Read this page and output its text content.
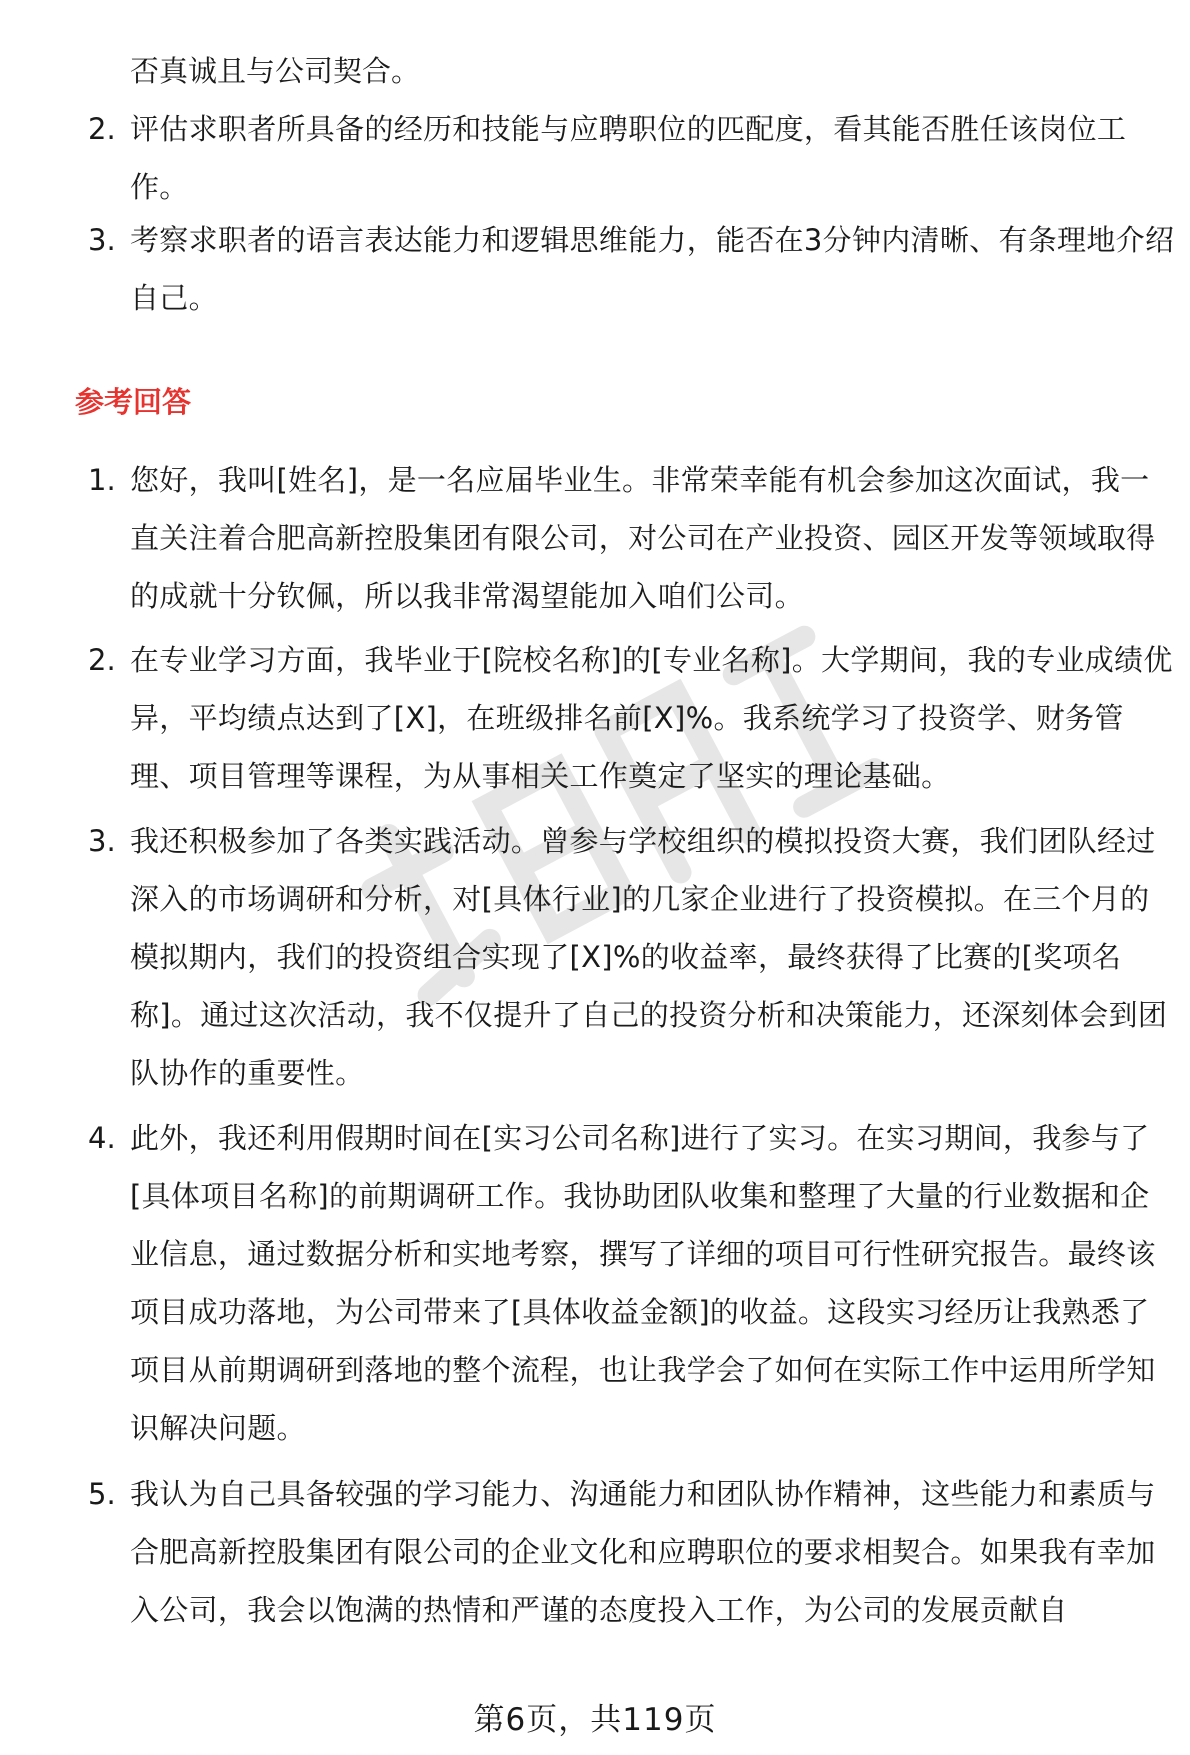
否真诚且与公司契合。
2. 评估求职者所具备的经历和技能与应聘职位的匹配度，看其能否胜任该岗位工作。
3. 考察求职者的语言表达能力和逻辑思维能力，能否在3分钟内清晰、有条理地介绍自己。
参考回答
1. 您好，我叫[姓名]，是一名应届毕业生。非常荣幸能有机会参加这次面试，我一直关注着合肥高新控股集团有限公司，对公司在产业投资、园区开发等领域取得的成就十分钦佩，所以我非常渴望能加入咱们公司。
2. 在专业学习方面，我毕业于[院校名称]的[专业名称]。大学期间，我的专业成绩优异，平均绩点达到了[X]，在班级排名前[X]%。我系统学习了投资学、财务管理、项目管理等课程，为从事相关工作奠定了坚实的理论基础。
3. 我还积极参加了各类实践活动。曾参与学校组织的模拟投资大赛，我们团队经过深入的市场调研和分析，对[具体行业]的几家企业进行了投资模拟。在三个月的模拟期内，我们的投资组合实现了[X]%的收益率，最终获得了比赛的[奖项名称]。通过这次活动，我不仅提升了自己的投资分析和决策能力，还深刻体会到团队协作的重要性。
4. 此外，我还利用假期时间在[实习公司名称]进行了实习。在实习期间，我参与了[具体项目名称]的前期调研工作。我协助团队收集和整理了大量的行业数据和企业信息，通过数据分析和实地考察，撰写了详细的项目可行性研究报告。最终该项目成功落地，为公司带来了[具体收益金额]的收益。这段实习经历让我熟悉了项目从前期调研到落地的整个流程，也让我学会了如何在实际工作中运用所学知识解决问题。
5. 我认为自己具备较强的学习能力、沟通能力和团队协作精神，这些能力和素质与合肥高新控股集团有限公司的企业文化和应聘职位的要求相契合。如果我有幸加入公司，我会以饱满的热情和严谨的态度投入工作，为公司的发展贡献自
第6页，共119页
